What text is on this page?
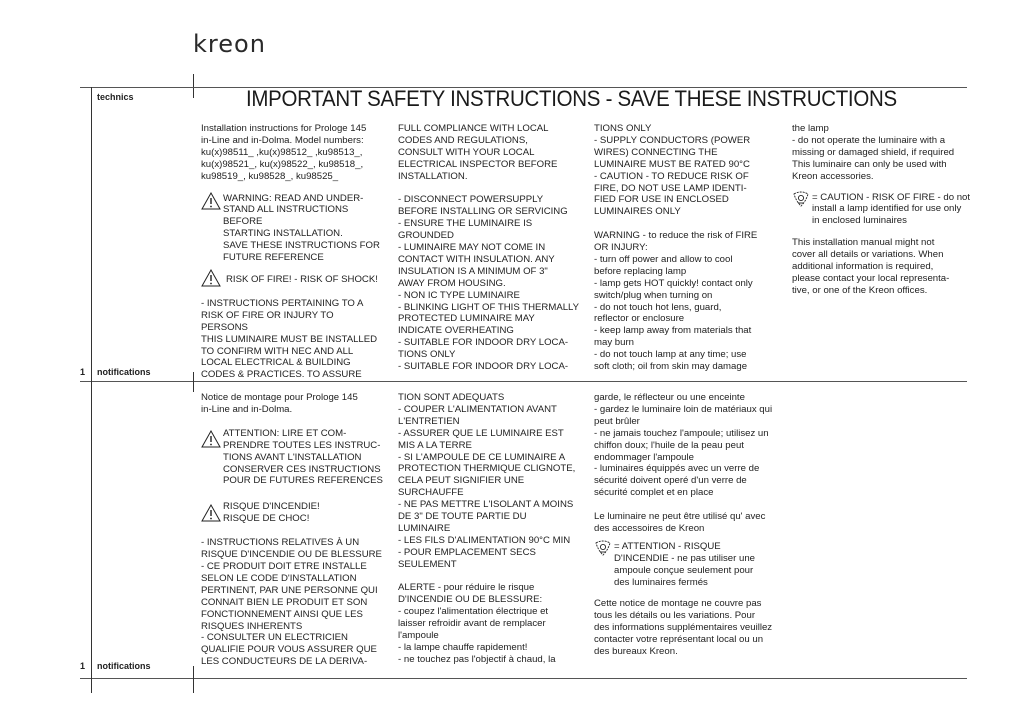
kreon
technics
1 notifications
1 notifications
IMPORTANT SAFETY INSTRUCTIONS - SAVE THESE INSTRUCTIONS

Installation instructions for Prologe 145
in-Line and in-Dolma. Model numbers:
ku(x)98511_ ,ku(x)98512_ ,ku98513_,
ku(x)98521_, ku(x)98522_, ku98518_,
ku98519_, ku98528_, ku98525_

WARNING: READ AND UNDER-
STAND ALL INSTRUCTIONS BEFORE
STARTING INSTALLATION.
SAVE THESE INSTRUCTIONS FOR
FUTURE REFERENCE

RISK OF FIRE! - RISK OF SHOCK!

- INSTRUCTIONS PERTAINING TO A
RISK OF FIRE OR INJURY TO
PERSONS
THIS LUMINAIRE MUST BE INSTALLED
TO CONFIRM WITH NEC AND ALL
LOCAL ELECTRICAL & BUILDING
CODES & PRACTICES. TO ASSURE

FULL COMPLIANCE WITH LOCAL
CODES AND REGULATIONS,
CONSULT WITH YOUR LOCAL
ELECTRICAL INSPECTOR BEFORE
INSTALLATION.

- DISCONNECT POWERSUPPLY
BEFORE INSTALLING OR SERVICING
- ENSURE THE LUMINAIRE IS
GROUNDED
- LUMINAIRE MAY NOT COME IN
CONTACT WITH INSULATION. ANY
INSULATION IS A MINIMUM OF 3"
AWAY FROM HOUSING.
- NON IC TYPE LUMINAIRE
- BLINKING LIGHT OF THIS THERMALLY
PROTECTED LUMINAIRE MAY
INDICATE OVERHEATING
- SUITABLE FOR INDOOR DRY LOCA-
TIONS ONLY
- SUITABLE FOR INDOOR DRY LOCA-

TIONS ONLY
- SUPPLY CONDUCTORS (POWER
WIRES) CONNECTING THE
LUMINAIRE MUST BE RATED 90°C
- CAUTION - TO REDUCE RISK OF
FIRE, DO NOT USE LAMP IDENTI-
FIED FOR USE IN ENCLOSED
LUMINAIRES ONLY

WARNING - to reduce the risk of FIRE
OR INJURY:
- turn off power and allow to cool
before replacing lamp
- lamp gets HOT quickly! contact only
switch/plug when turning on
- do not touch hot lens, guard,
reflector or enclosure
- keep lamp away from materials that
may burn
- do not touch lamp at any time; use
soft cloth; oil from skin may damage

the lamp
- do not operate the luminaire with a
missing or damaged shield, if required
This luminaire can only be used with
Kreon accessories.

= CAUTION - RISK OF FIRE - do not
install a lamp identified for use only
in enclosed luminaires

This installation manual might not
cover all details or variations. When
additional information is required,
please contact your local representa-
tive, or one of the Kreon offices.

Notice de montage pour Prologe 145
in-Line and in-Dolma.

ATTENTION: LIRE ET COM-
PRENDRE TOUTES LES INSTRUC-
TIONS AVANT L'INSTALLATION
CONSERVER CES INSTRUCTIONS
POUR DE FUTURES REFERENCES

RISQUE D'INCENDIE!
RISQUE DE CHOC!

- INSTRUCTIONS RELATIVES À UN
RISQUE D'INCENDIE OU DE BLESSURE
- CE PRODUIT DOIT ETRE INSTALLE
SELON LE CODE D'INSTALLATION
PERTINENT, PAR UNE PERSONNE QUI
CONNAIT BIEN LE PRODUIT ET SON
FONCTIONNEMENT AINSI QUE LES
RISQUES INHERENTS
- CONSULTER UN ELECTRICIEN
QUALIFIE POUR VOUS ASSURER QUE
LES CONDUCTEURS DE LA DERIVA-

TION SONT ADEQUATS
- COUPER L'ALIMENTATION AVANT
L'ENTRETIEN
- ASSURER QUE LE LUMINAIRE EST
MIS A LA TERRE
- SI L'AMPOULE DE CE LUMINAIRE A
PROTECTION THERMIQUE CLIGNOTE,
CELA PEUT SIGNIFIER UNE
SURCHAUFFE
- NE PAS METTRE L'ISOLANT A MOINS
DE 3" DE TOUTE PARTIE DU
LUMINAIRE
- LES FILS D'ALIMENTATION 90°C MIN
- POUR EMPLACEMENT SECS
SEULEMENT

ALERTE - pour réduire le risque
D'INCENDIE OU DE BLESSURE:
- coupez l'alimentation électrique et
laisser refroidir avant de remplacer
l'ampoule
- la lampe chauffe rapidement!
- ne touchez pas l'objectif à chaud, la

garde, le réflecteur ou une enceinte
- gardez le luminaire loin de matériaux qui
peut brûler
- ne jamais touchez l'ampoule; utilisez un
chiffon doux; l'huile de la peau peut
endommager l'ampoule
- luminaires équippés avec un verre de
sécurité doivent operé d'un verre de
sécurité complet et en place

Le luminaire ne peut être utilisé qu' avec
des accessoires de Kreon

= ATTENTION - RISQUE
D'INCENDIE - ne pas utiliser une
ampoule conçue seulement pour
des luminaires fermés

Cette notice de montage ne couvre pas
tous les détails ou les variations. Pour
des informations supplémentaires veuillez
contacter votre représentant local ou un
des bureaux Kreon.
